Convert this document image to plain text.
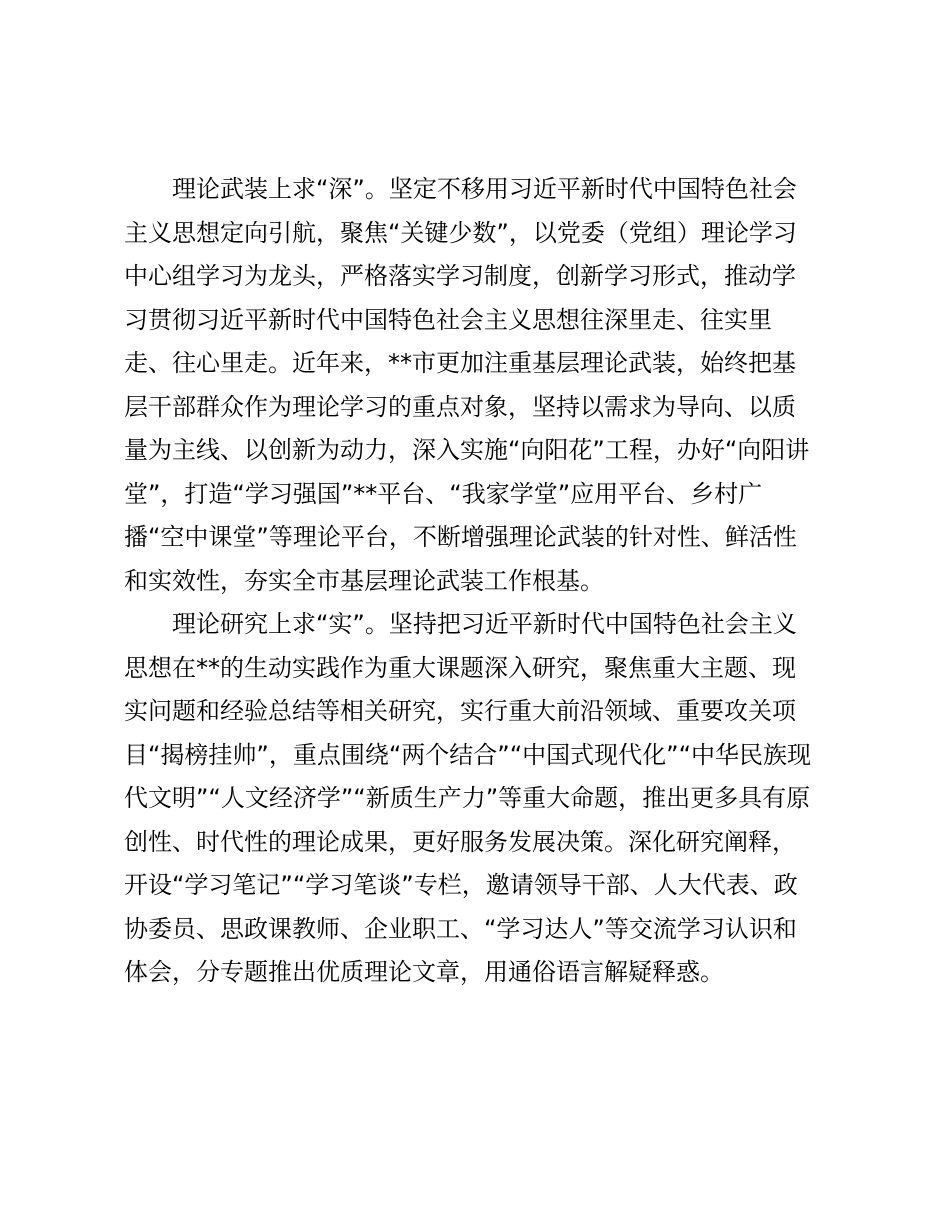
理论武装上求“深”。坚定不移用习近平新时代中国特色社会
主义思想定向引航，聚焦“关键少数”，以党委（党组）理论学习
中心组学习为龙头，严格落实学习制度，创新学习形式，推动学
习贯彻习近平新时代中国特色社会主义思想往深里走、往实里
走、往心里走。近年来，**市更加注重基层理论武装，始终把基
层干部群众作为理论学习的重点对象，坚持以需求为导向、以质
量为主线、以创新为动力，深入实施“向阳花”工程，办好“向阳讲
堂”，打造“学习强国”**平台、“我家学堂”应用平台、乡村广
播“空中课堂”等理论平台，不断增强理论武装的针对性、鲜活性
和实效性，夯实全市基层理论武装工作根基。
理论研究上求“实”。坚持把习近平新时代中国特色社会主义
思想在**的生动实践作为重大课题深入研究，聚焦重大主题、现
实问题和经验总结等相关研究，实行重大前沿领域、重要攻关项
目“揭榜挂帅”，重点围绕“两个结合”“中国式现代化”“中华民族现
代文明”“人文经济学”“新质生产力”等重大命题，推出更多具有原
创性、时代性的理论成果，更好服务发展决策。深化研究阐释，
开设“学习笔记”“学习笔谈”专栏，邀请领导干部、人大代表、政
协委员、思政课教师、企业职工、“学习达人”等交流学习认识和
体会，分专题推出优质理论文章，用通俗语言解疑释惑。
